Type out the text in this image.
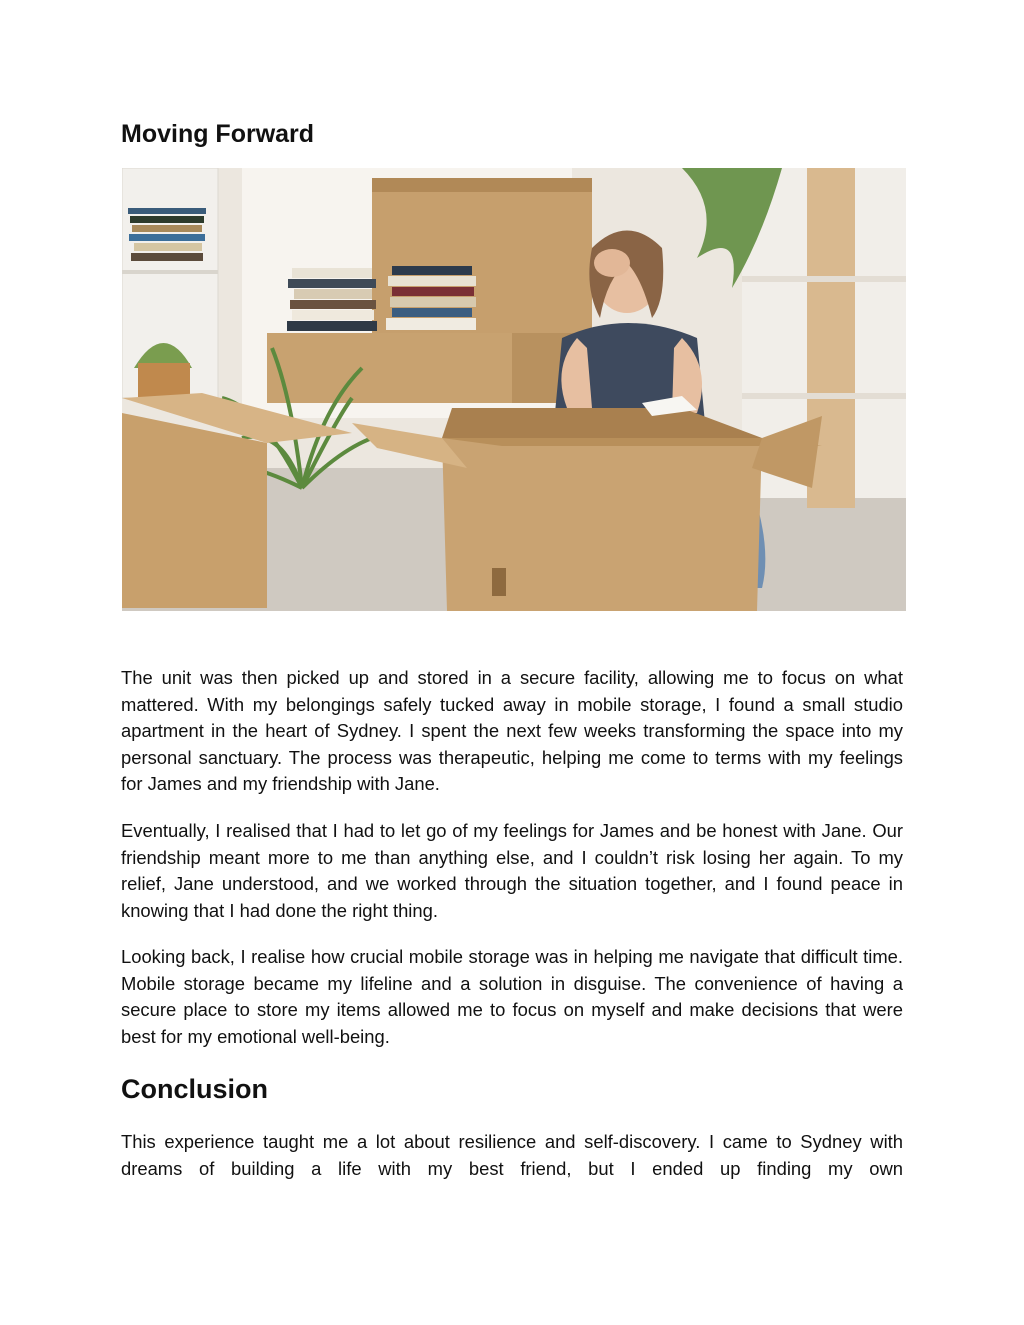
Moving Forward

The unit was then picked up and stored in a secure facility, allowing me to focus on what mattered. With my belongings safely tucked away in mobile storage, I found a small studio apartment in the heart of Sydney. I spent the next few weeks transforming the space into my personal sanctuary. The process was therapeutic, helping me come to terms with my feelings for James and my friendship with Jane.

Eventually, I realised that I had to let go of my feelings for James and be honest with Jane. Our friendship meant more to me than anything else, and I couldn’t risk losing her again. To my relief, Jane understood, and we worked through the situation together, and I found peace in knowing that I had done the right thing.

Looking back, I realise how crucial mobile storage was in helping me navigate that difficult time. Mobile storage became my lifeline and a solution in disguise. The convenience of having a secure place to store my items allowed me to focus on myself and make decisions that were best for my emotional well-being.

Conclusion

This experience taught me a lot about resilience and self-discovery. I came to Sydney with dreams of building a life with my best friend, but I ended up finding my own
